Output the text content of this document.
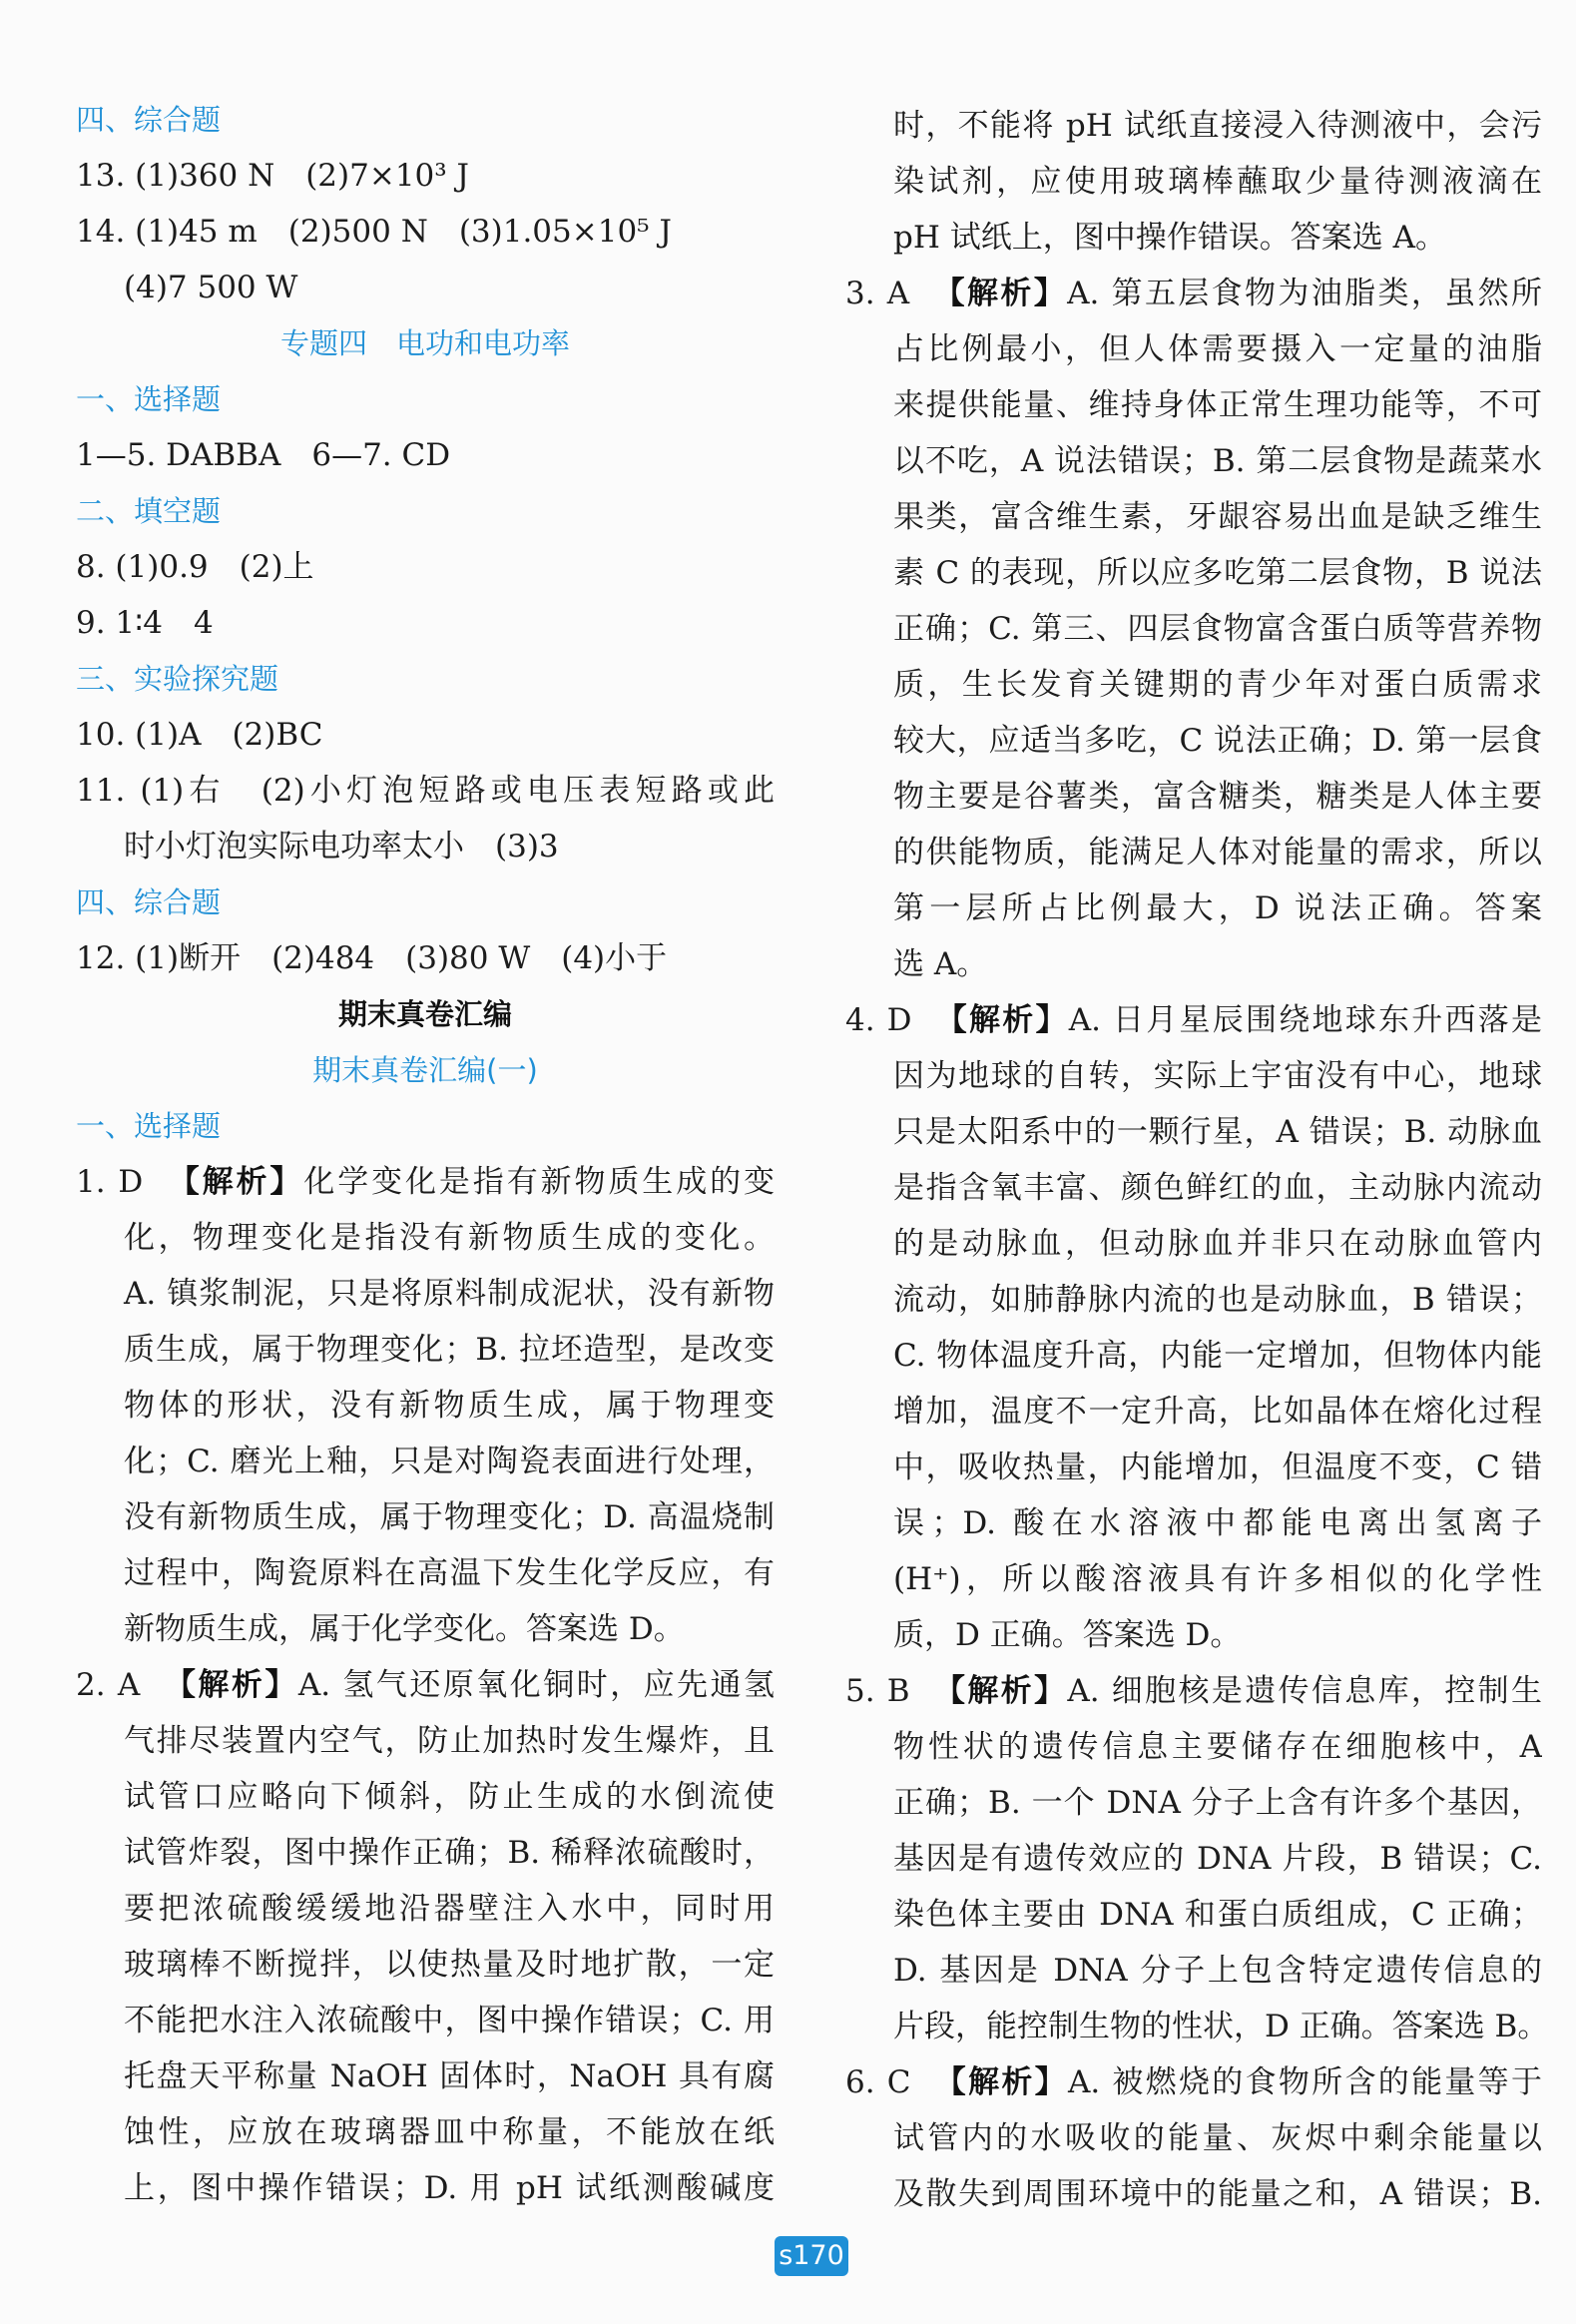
四、综合题
13. (1)360 N　(2)7×10³ J
14. (1)45 m　(2)500 N　(3)1.05×10⁵ J
(4)7 500 W
专题四　电功和电功率
一、选择题
1—5. DABBA　6—7. CD
二、填空题
8. (1)0.9　(2)上
9. 1∶4　4
三、实验探究题
10. (1)A　(2)BC
11. (1)右　(2)小灯泡短路或电压表短路或此
时小灯泡实际电功率太小　(3)3
四、综合题
12. (1)断开　(2)484　(3)80 W　(4)小于
期末真卷汇编
期末真卷汇编(一)
一、选择题
1. D 【解析】化学变化是指有新物质生成的变
化，物理变化是指没有新物质生成的变化。
A. 镇浆制泥，只是将原料制成泥状，没有新物
质生成，属于物理变化；B. 拉坯造型，是改变
物体的形状，没有新物质生成，属于物理变
化；C. 磨光上釉，只是对陶瓷表面进行处理，
没有新物质生成，属于物理变化；D. 高温烧制
过程中，陶瓷原料在高温下发生化学反应，有
新物质生成，属于化学变化。答案选 D。
2. A 【解析】A. 氢气还原氧化铜时，应先通氢
气排尽装置内空气，防止加热时发生爆炸，且
试管口应略向下倾斜，防止生成的水倒流使
试管炸裂，图中操作正确；B. 稀释浓硫酸时，
要把浓硫酸缓缓地沿器壁注入水中，同时用
玻璃棒不断搅拌，以使热量及时地扩散，一定
不能把水注入浓硫酸中，图中操作错误；C. 用
托盘天平称量 NaOH 固体时，NaOH 具有腐
蚀性，应放在玻璃器皿中称量，不能放在纸
上，图中操作错误；D. 用 pH 试纸测酸碱度
时，不能将 pH 试纸直接浸入待测液中，会污
染试剂，应使用玻璃棒蘸取少量待测液滴在
pH 试纸上，图中操作错误。答案选 A。
3. A 【解析】A. 第五层食物为油脂类，虽然所
占比例最小，但人体需要摄入一定量的油脂
来提供能量、维持身体正常生理功能等，不可
以不吃，A 说法错误；B. 第二层食物是蔬菜水
果类，富含维生素，牙龈容易出血是缺乏维生
素 C 的表现，所以应多吃第二层食物，B 说法
正确；C. 第三、四层食物富含蛋白质等营养物
质，生长发育关键期的青少年对蛋白质需求
较大，应适当多吃，C 说法正确；D. 第一层食
物主要是谷薯类，富含糖类，糖类是人体主要
的供能物质，能满足人体对能量的需求，所以
第一层所占比例最大，D 说法正确。答案
选 A。
4. D 【解析】A. 日月星辰围绕地球东升西落是
因为地球的自转，实际上宇宙没有中心，地球
只是太阳系中的一颗行星，A 错误；B. 动脉血
是指含氧丰富、颜色鲜红的血，主动脉内流动
的是动脉血，但动脉血并非只在动脉血管内
流动，如肺静脉内流的也是动脉血，B 错误；
C. 物体温度升高，内能一定增加，但物体内能
增加，温度不一定升高，比如晶体在熔化过程
中，吸收热量，内能增加，但温度不变，C 错
误；D. 酸在水溶液中都能电离出氢离子
(H⁺)，所以酸溶液具有许多相似的化学性
质，D 正确。答案选 D。
5. B 【解析】A. 细胞核是遗传信息库，控制生
物性状的遗传信息主要储存在细胞核中，A
正确；B. 一个 DNA 分子上含有许多个基因，
基因是有遗传效应的 DNA 片段，B 错误；C.
染色体主要由 DNA 和蛋白质组成，C 正确；
D. 基因是 DNA 分子上包含特定遗传信息的
片段，能控制生物的性状，D 正确。答案选 B。
6. C 【解析】A. 被燃烧的食物所含的能量等于
试管内的水吸收的能量、灰烬中剩余能量以
及散失到周围环境中的能量之和，A 错误；B.
s170
